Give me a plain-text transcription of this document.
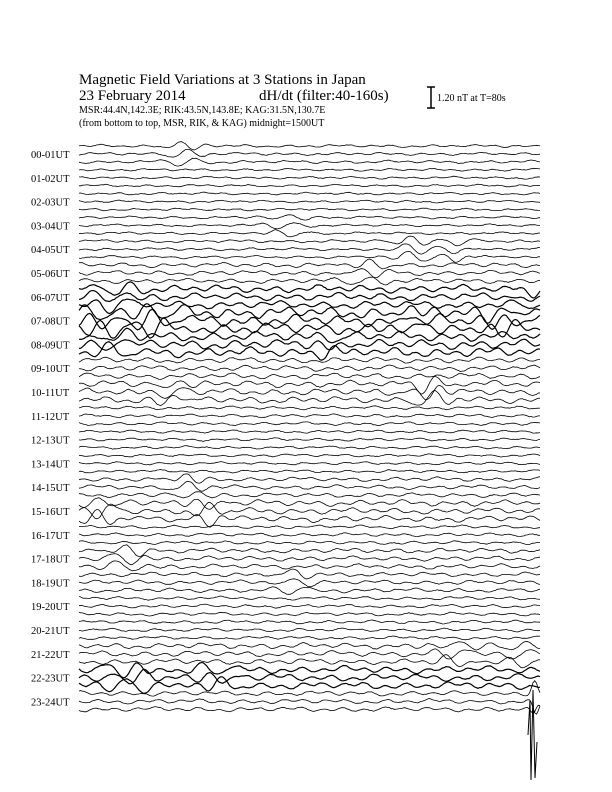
Magnetic Field Variations at 3 Stations in Japan
23 February 2014	dH/dt (filter:40-160s)
MSR:44.4N,142.3E; RIK:43.5N,143.8E; KAG:31.5N,130.7E
(from bottom to top, MSR, RIK, & KAG) midnight=1500UT
1.20 nT at T=80s
00-01UT
01-02UT
02-03UT
03-04UT
04-05UT
05-06UT
06-07UT
07-08UT
08-09UT
09-10UT
10-11UT
11-12UT
12-13UT
13-14UT
14-15UT
15-16UT
16-17UT
17-18UT
18-19UT
19-20UT
20-21UT
21-22UT
22-23UT
23-24UT
